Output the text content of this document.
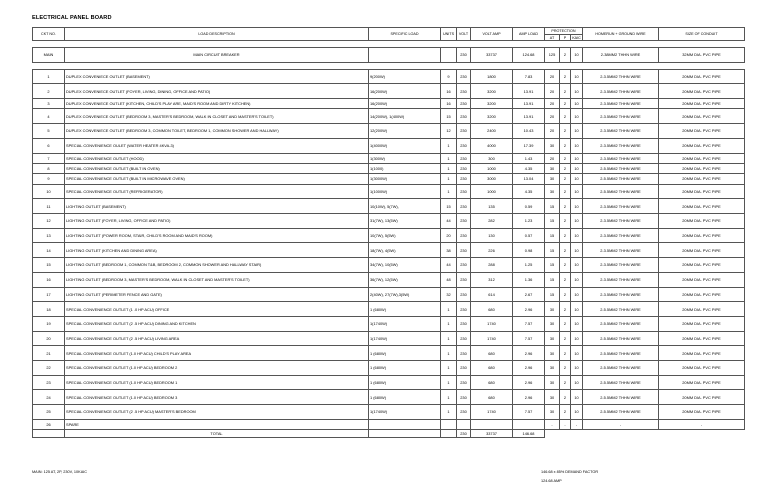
ELECTRICAL PANEL BOARD
CKT NO.	LOAD DESCRIPTION	SPECIFIC LOAD	UNITS	VOLT	VOLT AMP	AMP LOAD	PROTECTION			HOMERUN + GROUND WIRE	SIZE OF CONDUIT
							AT	P	KAIC		

MAIN	MAIN CIRCUIT BREAKER			230	33737	124.68	125	2	10	2-38MM2 THHN WIRE	32MM DIA. PVC PIPE

1	DUPLEX CONVENIECE OUTLET (BASEMENT)	9(200W)	9	230	1800	7.83	20	2	10	2-3.5MM2 THHN WIRE	20MM DIA. PVC PIPE
2	DUPLEX CONVENIECE OUTLET (FOYER, LIVING, DINING, OFFICE AND PATIO)	16(200W)	16	230	3200	13.91	20	2	10	2-3.5MM2 THHN WIRE	20MM DIA. PVC PIPE
3	DUPLEX CONVENIECE OUTLET (KITCHEN, CHILD'S PLAY ARE, MAID'S ROOM AND DIRTY KITCHEN)	16(200W)	16	230	3200	13.91	20	2	10	2-3.5MM2 THHN WIRE	20MM DIA. PVC PIPE
4	DUPLEX CONVENIECE OUTLET (BEDROOM 3, MASTER'S BEDROOM, WALK IN CLOSET AND MASTER'S TOILET)	14(200W), 1(400W)	15	230	3200	13.91	20	2	10	2-3.5MM2 THHN WIRE	20MM DIA. PVC PIPE
5	DUPLEX CONVENIECE OUTLET (BEDROOM 3, COMMON TOILET, BEDROOM 1, COMMON SHOWER AND HALLWAY)	12(200W)	12	230	2400	10.43	20	2	10	2-3.5MM2 THHN WIRE	20MM DIA. PVC PIPE
6	SPECIAL CONVENIENCE OULET (WATER HEATER 4KVA-3)	1(4000W)	1	230	4000	17.39	30	2	10	2-3.5MM2 THHN WIRE	20MM DIA. PVC PIPE
7	SPECIAL CONVENIENCE OUTLET (HOOD)	1(300W)	1	230	300	1.43	20	2	10	2-3.5MM2 THHN WIRE	20MM DIA. PVC PIPE
8	SPECIAL CONVENIENCE OUTLET (BUILT IN OVEN)	1(1000)	1	230	1000	4.35	30	2	10	2-5.5MM2 THHN WIRE	20MM DIA. PVC PIPE
9	SPECIAL CONVENIENCE OUTLET (BUILT IN MICROWAVE OVEN)	1(3000W)	1	230	3000	13.04	30	2	10	2-5.5MM2 THHN WIRE	20MM DIA. PVC PIPE
10	SPECIAL CONVENIENCE OUTLET (REFRIGERATOR)	1(1000W)	1	230	1000	4.35	30	2	10	2-5.5MM2 THHN WIRE	20MM DIA. PVC PIPE
11	LIGHTING OUTLET (BASEMENT)	10(10W), 5(7W),	15	230	135	0.59	15	2	10	2-3.5MM2 THHN WIRE	20MM DIA. PVC PIPE
12	LIGHTING OUTLET (FOYER, LIVING, OFFICE AND PATIO)	31(7W), 13(5W)	44	230	282	1.23	15	2	10	2-3.5MM2 THHN WIRE	20MM DIA. PVC PIPE
13	LIGHTING OUTLET (POWER ROOM, STAIR, CHILD'S ROOM AND MAID'S ROOM)	10(7W), 5(5W)	20	230	130	0.57	15	2	10	2-3.5MM2 THHN WIRE	20MM DIA. PVC PIPE
14	LIGHTING OUTLET (KITCHEN AND DINING AREA)	18(7W), 4(5W)	38	230	226	0.98	15	2	10	2-3.5MM2 THHN WIRE	20MM DIA. PVC PIPE
15	LIGHTING OUTLET (BEDROOM 1, COMMON T&B, BEDROOM 2, COMMON SHOWER AND HALLWAY STAIR)	34(7W), 10(5W)	44	230	288	1.25	15	2	10	2-3.5MM2 THHN WIRE	20MM DIA. PVC PIPE
16	LIGHTING OUTLET (BEDROOM 3, MASTER'S BEDROOM, WALK IN CLOSET AND MASTER'S TOILET)	36(7W), 12(5W)	48	230	312	1.36	15	2	10	2-3.5MM2 THHN WIRE	20MM DIA. PVC PIPE
17	LIGHTING OUTLET (PERIMETER FENCE AND GATE)	2(40W), 27(7W),3(5W)	32	230	614	2.67	15	2	10	2-3.5MM2 THHN WIRE	20MM DIA. PVC PIPE
18	SPECIAL CONVENIENCE OUTLET (1 .0 HP ACU) OFFICE	1 (680W)	1	230	680	2.96	30	2	10	2-5.5MM2 THHN WIRE	20MM DIA. PVC PIPE
19	SPECIAL CONVENIENCE OUTLET (2 .5 HP ACU) DINING AND KITCHEN	1(1740W)	1	230	1740	7.57	30	2	10	2-5.5MM2 THHN WIRE	20MM DIA. PVC PIPE
20	SPECIAL CONVENIENCE OUTLET (2 .5 HP ACU) LIVING AREA	1(1740W)	1	230	1740	7.57	30	2	10	2-5.5MM2 THHN WIRE	20MM DIA. PVC PIPE
21	SPECIAL CONVENIENCE OUTLET (1.0 HP ACU) CHILD'S PLAY AREA	1 (680W)	1	230	680	2.96	30	2	10	2-5.5MM2 THHN WIRE	20MM DIA. PVC PIPE
22	SPECIAL CONVENIENCE OUTLET (1.0 HP ACU) BEDROOM 2	1 (680W)	1	230	680	2.96	30	2	10	2-5.5MM2 THHN WIRE	20MM DIA. PVC PIPE
23	SPECIAL CONVENIENCE OUTLET (1.0 HP ACU) BEDROOM 1	1 (680W)	1	230	680	2.96	30	2	10	2-5.5MM2 THHN WIRE	20MM DIA. PVC PIPE
24	SPECIAL CONVENIENCE OUTLET (1.0 HP ACU) BEDROOM 3	1 (680W)	1	230	680	2.96	30	2	10	2-5.5MM2 THHN WIRE	20MM DIA. PVC PIPE
25	SPECIAL CONVENIENCE OUTLET (2 .5 HP ACU) MASTER'S BEDROOM	1(1740W)	1	230	1740	7.57	30	2	10	2-5.5MM2 THHN WIRE	20MM DIA. PVC PIPE
26	SPARE						-	-	-	-	-
	TOTAL			230	33737	146.68					
MAIN: 125 AT, 2P, 230V, 10KAIC	146.68 x 85% DEMAND FACTOR
124.68 AMP
